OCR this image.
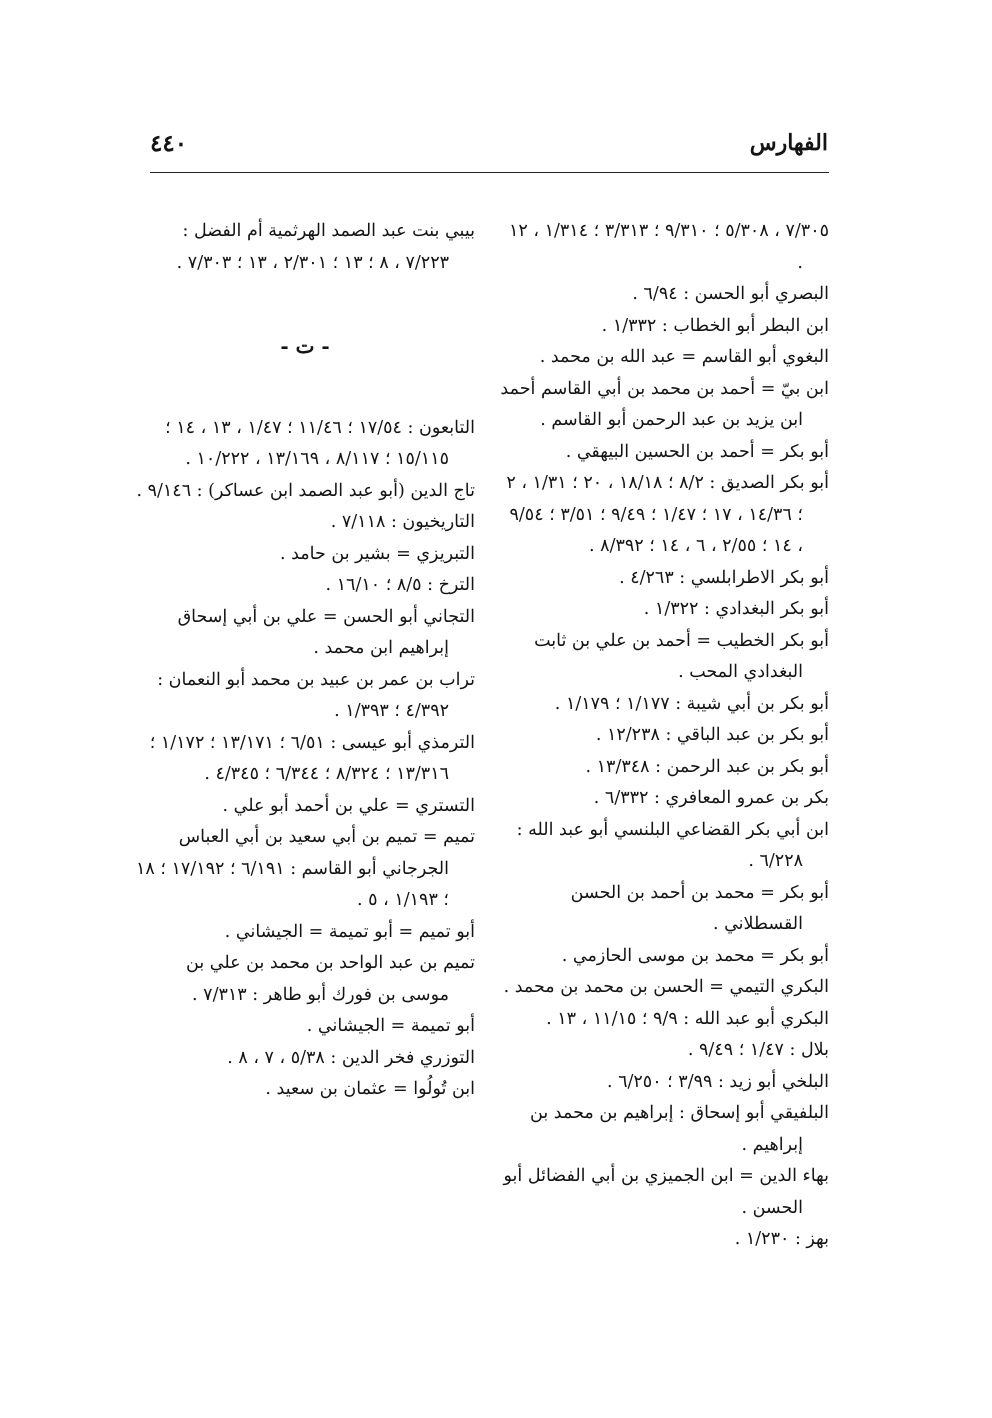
٤٤٠	الفهارس

٧/٣٠٥ ، ٥/٣٠٨ ؛ ٩/٣١٠ ؛ ٣/٣١٣ ؛ ١/٣١٤ ، ١٢ .

البصري أبو الحسن : ٦/٩٤ .

ابن البطر أبو الخطاب : ١/٣٣٢ .

البغوي أبو القاسم = عبد الله بن محمد .

ابن بيّ = أحمد بن محمد بن أبي القاسم أحمد ابن يزيد بن عبد الرحمن أبو القاسم .

أبو بكر = أحمد بن الحسين البيهقي .

أبو بكر الصديق : ٨/٢ ؛ ١٨/١٨ ، ٢٠ ؛ ١/٣١ ، ٢ ؛ ١٤/٣٦ ، ١٧ ؛ ١/٤٧ ؛ ٩/٤٩ ؛ ٣/٥١ ؛ ٩/٥٤ ، ١٤ ؛ ٢/٥٥ ، ٦ ، ١٤ ؛ ٨/٣٩٢ .

أبو بكر الاطرابلسي : ٤/٢٦٣ .

أبو بكر البغدادي : ١/٣٢٢ .

أبو بكر الخطيب = أحمد بن علي بن ثابت البغدادي المحب .

أبو بكر بن أبي شيبة : ١/١٧٧ ؛ ١/١٧٩ .

أبو بكر بن عبد الباقي : ١٢/٢٣٨ .

أبو بكر بن عبد الرحمن : ١٣/٣٤٨ .

بكر بن عمرو المعافري : ٦/٣٣٢ .

ابن أبي بكر القضاعي البلنسي أبو عبد الله : ٦/٢٢٨ .

أبو بكر = محمد بن أحمد بن الحسن القسطلاني .

أبو بكر = محمد بن موسى الحازمي .

البكري التيمي = الحسن بن محمد بن محمد .

البكري أبو عبد الله : ٩/٩ ؛ ١١/١٥ ، ١٣ .

بلال : ١/٤٧ ؛ ٩/٤٩ .

البلخي أبو زيد : ٣/٩٩ ؛ ٦/٢٥٠ .

البلفيقي أبو إسحاق : إبراهيم بن محمد بن إبراهيم .

بهاء الدين = ابن الجميزي بن أبي الفضائل أبو الحسن .

بهز : ١/٢٣٠ .

بيبي بنت عبد الصمد الهرثمية أم الفضل : ٧/٢٢٣ ، ٨ ؛ ١٣ ؛ ٢/٣٠١ ، ١٣ ؛ ٧/٣٠٣ .

- ت -

التابعون : ١٧/٥٤ ؛ ١١/٤٦ ؛ ١/٤٧ ، ١٣ ، ١٤ ؛ ١٥/١١٥ ؛ ٨/١١٧ ، ١٣/١٦٩ ، ١٠/٢٢٢ .

تاج الدين (أبو عبد الصمد ابن عساكر) : ٩/١٤٦ .

التاريخيون : ٧/١١٨ .

التبريزي = بشير بن حامد .

الترخ : ٨/٥ ؛ ١٦/١٠ .

التجاني أبو الحسن = علي بن أبي إسحاق إبراهيم ابن محمد .

تراب بن عمر بن عبيد بن محمد أبو النعمان : ٤/٣٩٢ ؛ ١/٣٩٣ .

الترمذي أبو عيسى : ٦/٥١ ؛ ١٣/١٧١ ؛ ١/١٧٢ ؛ ١٣/٣١٦ ؛ ٨/٣٢٤ ؛ ٦/٣٤٤ ؛ ٤/٣٤٥ .

التستري = علي بن أحمد أبو علي .

تميم = تميم بن أبي سعيد بن أبي العباس الجرجاني أبو القاسم : ٦/١٩١ ؛ ١٧/١٩٢ ؛ ١٨ ؛ ١/١٩٣ ، ٥ .

أبو تميم = أبو تميمة = الجيشاني .

تميم بن عبد الواحد بن محمد بن علي بن موسى بن فورك أبو طاهر : ٧/٣١٣ .

أبو تميمة = الجيشاني .

التوزري فخر الدين : ٥/٣٨ ، ٧ ، ٨ .

ابن تُولُوا = عثمان بن سعيد .
